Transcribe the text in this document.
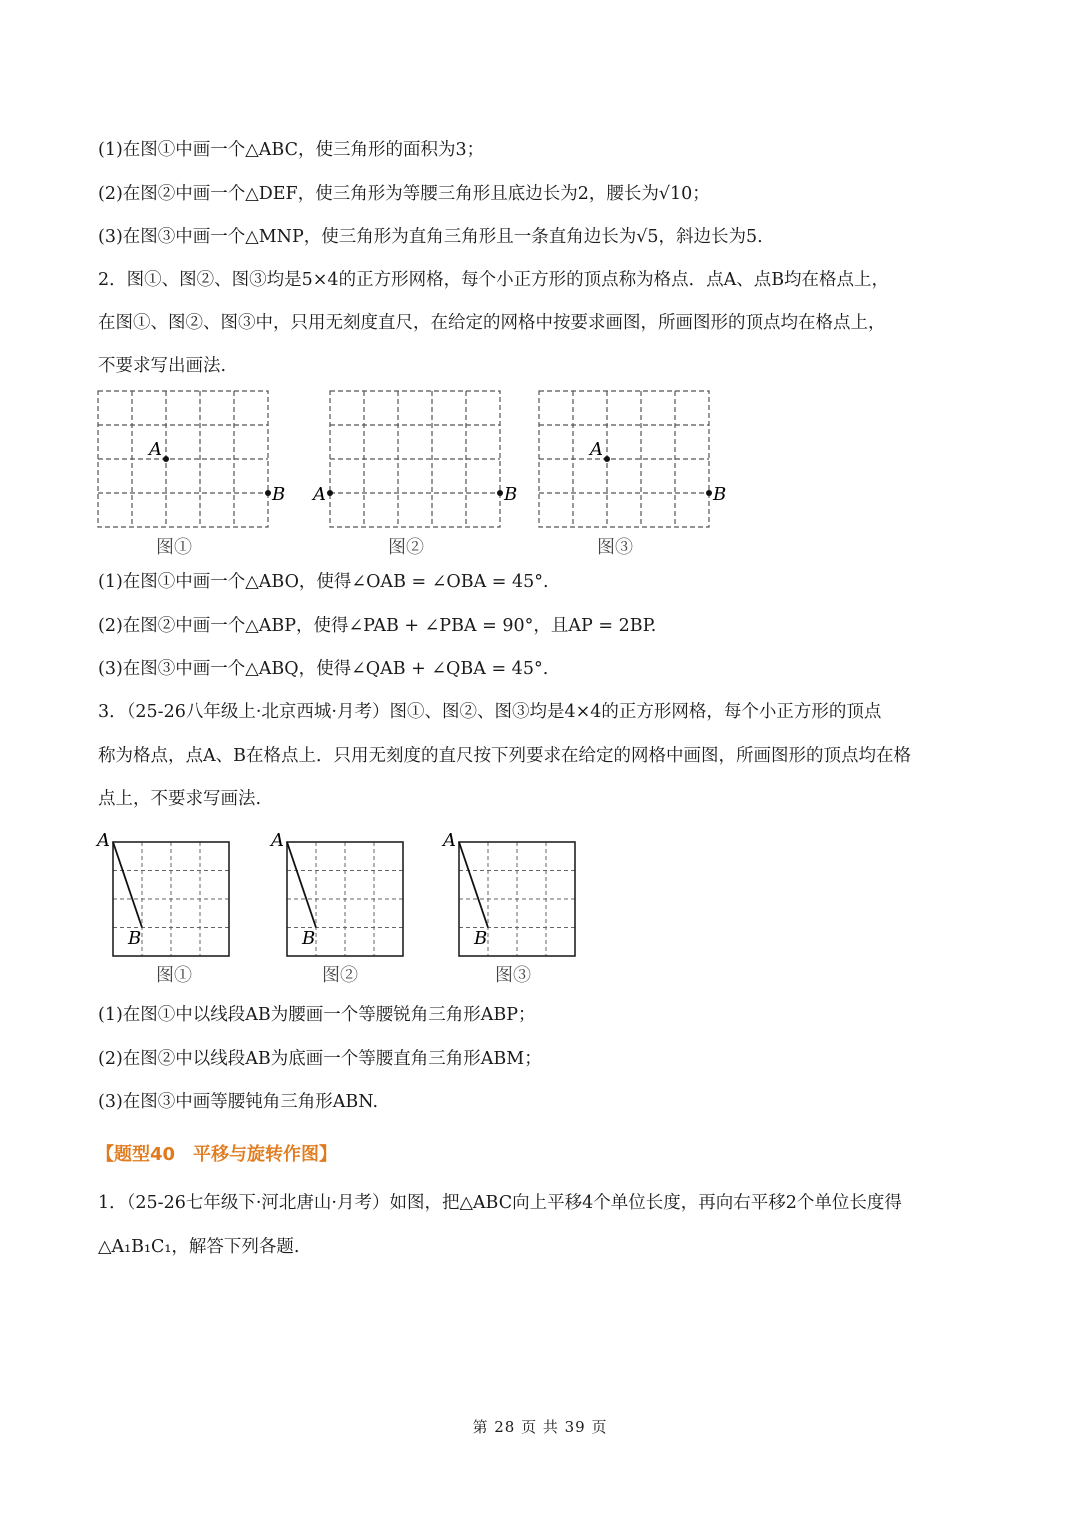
(1)在图①中画一个△ABC，使三角形的面积为3；
(2)在图②中画一个△DEF，使三角形为等腰三角形且底边长为2，腰长为√10；
(3)在图③中画一个△MNP，使三角形为直角三角形且一条直角边长为√5，斜边长为5.
2．图①、图②、图③均是5×4的正方形网格，每个小正方形的顶点称为格点．点A、点B均在格点上，
在图①、图②、图③中，只用无刻度直尺，在给定的网格中按要求画图，所画图形的顶点均在格点上，
不要求写出画法.
A
B
图①
A	B
图②
A
B
图③
(1)在图①中画一个△ABO，使得∠OAB = ∠OBA = 45°.
(2)在图②中画一个△ABP，使得∠PAB + ∠PBA = 90°，且AP = 2BP.
(3)在图③中画一个△ABQ，使得∠QAB + ∠QBA = 45°.
3．（25-26八年级上·北京西城·月考）图①、图②、图③均是4×4的正方形网格，每个小正方形的顶点
称为格点，点A、B在格点上．只用无刻度的直尺按下列要求在给定的网格中画图，所画图形的顶点均在格
点上，不要求写画法.
A
B
图①
A
B
图②
A
B
图③
(1)在图①中以线段AB为腰画一个等腰锐角三角形ABP；
(2)在图②中以线段AB为底画一个等腰直角三角形ABM；
(3)在图③中画等腰钝角三角形ABN.
【题型40　平移与旋转作图】
1．（25-26七年级下·河北唐山·月考）如图，把△ABC向上平移4个单位长度，再向右平移2个单位长度得
△A₁B₁C₁，解答下列各题.
第 28 页 共 39 页
